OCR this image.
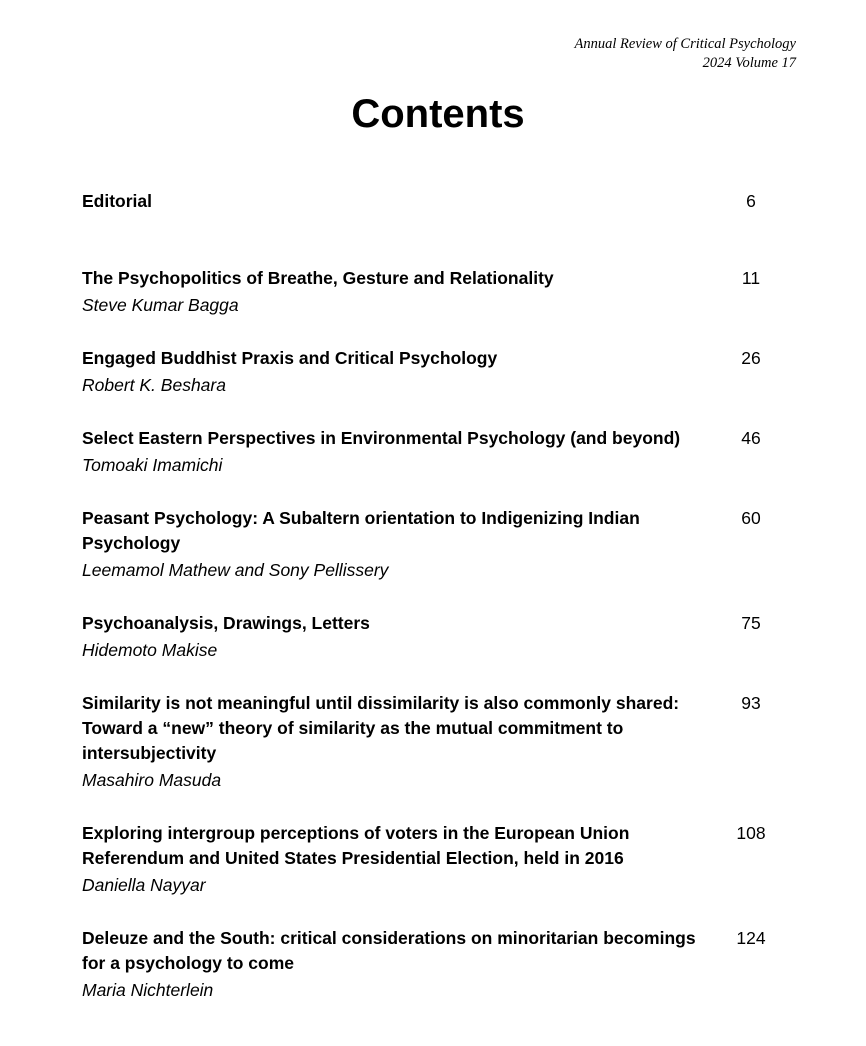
Annual Review of Critical Psychology
2024 Volume 17
Contents
Editorial	6
The Psychopolitics of Breathe, Gesture and Relationality
Steve Kumar Bagga
11
Engaged Buddhist Praxis and Critical Psychology
Robert K. Beshara
26
Select Eastern Perspectives in Environmental Psychology (and beyond)
Tomoaki Imamichi
46
Peasant Psychology: A Subaltern orientation to Indigenizing Indian Psychology
Leemamol Mathew and Sony Pellissery
60
Psychoanalysis, Drawings, Letters
Hidemoto Makise
75
Similarity is not meaningful until dissimilarity is also commonly shared: Toward a “new” theory of similarity as the mutual commitment to intersubjectivity
Masahiro Masuda
93
Exploring intergroup perceptions of voters in the European Union Referendum and United States Presidential Election, held in 2016
Daniella Nayyar
108
Deleuze and the South: critical considerations on minoritarian becomings for a psychology to come
Maria Nichterlein
124
